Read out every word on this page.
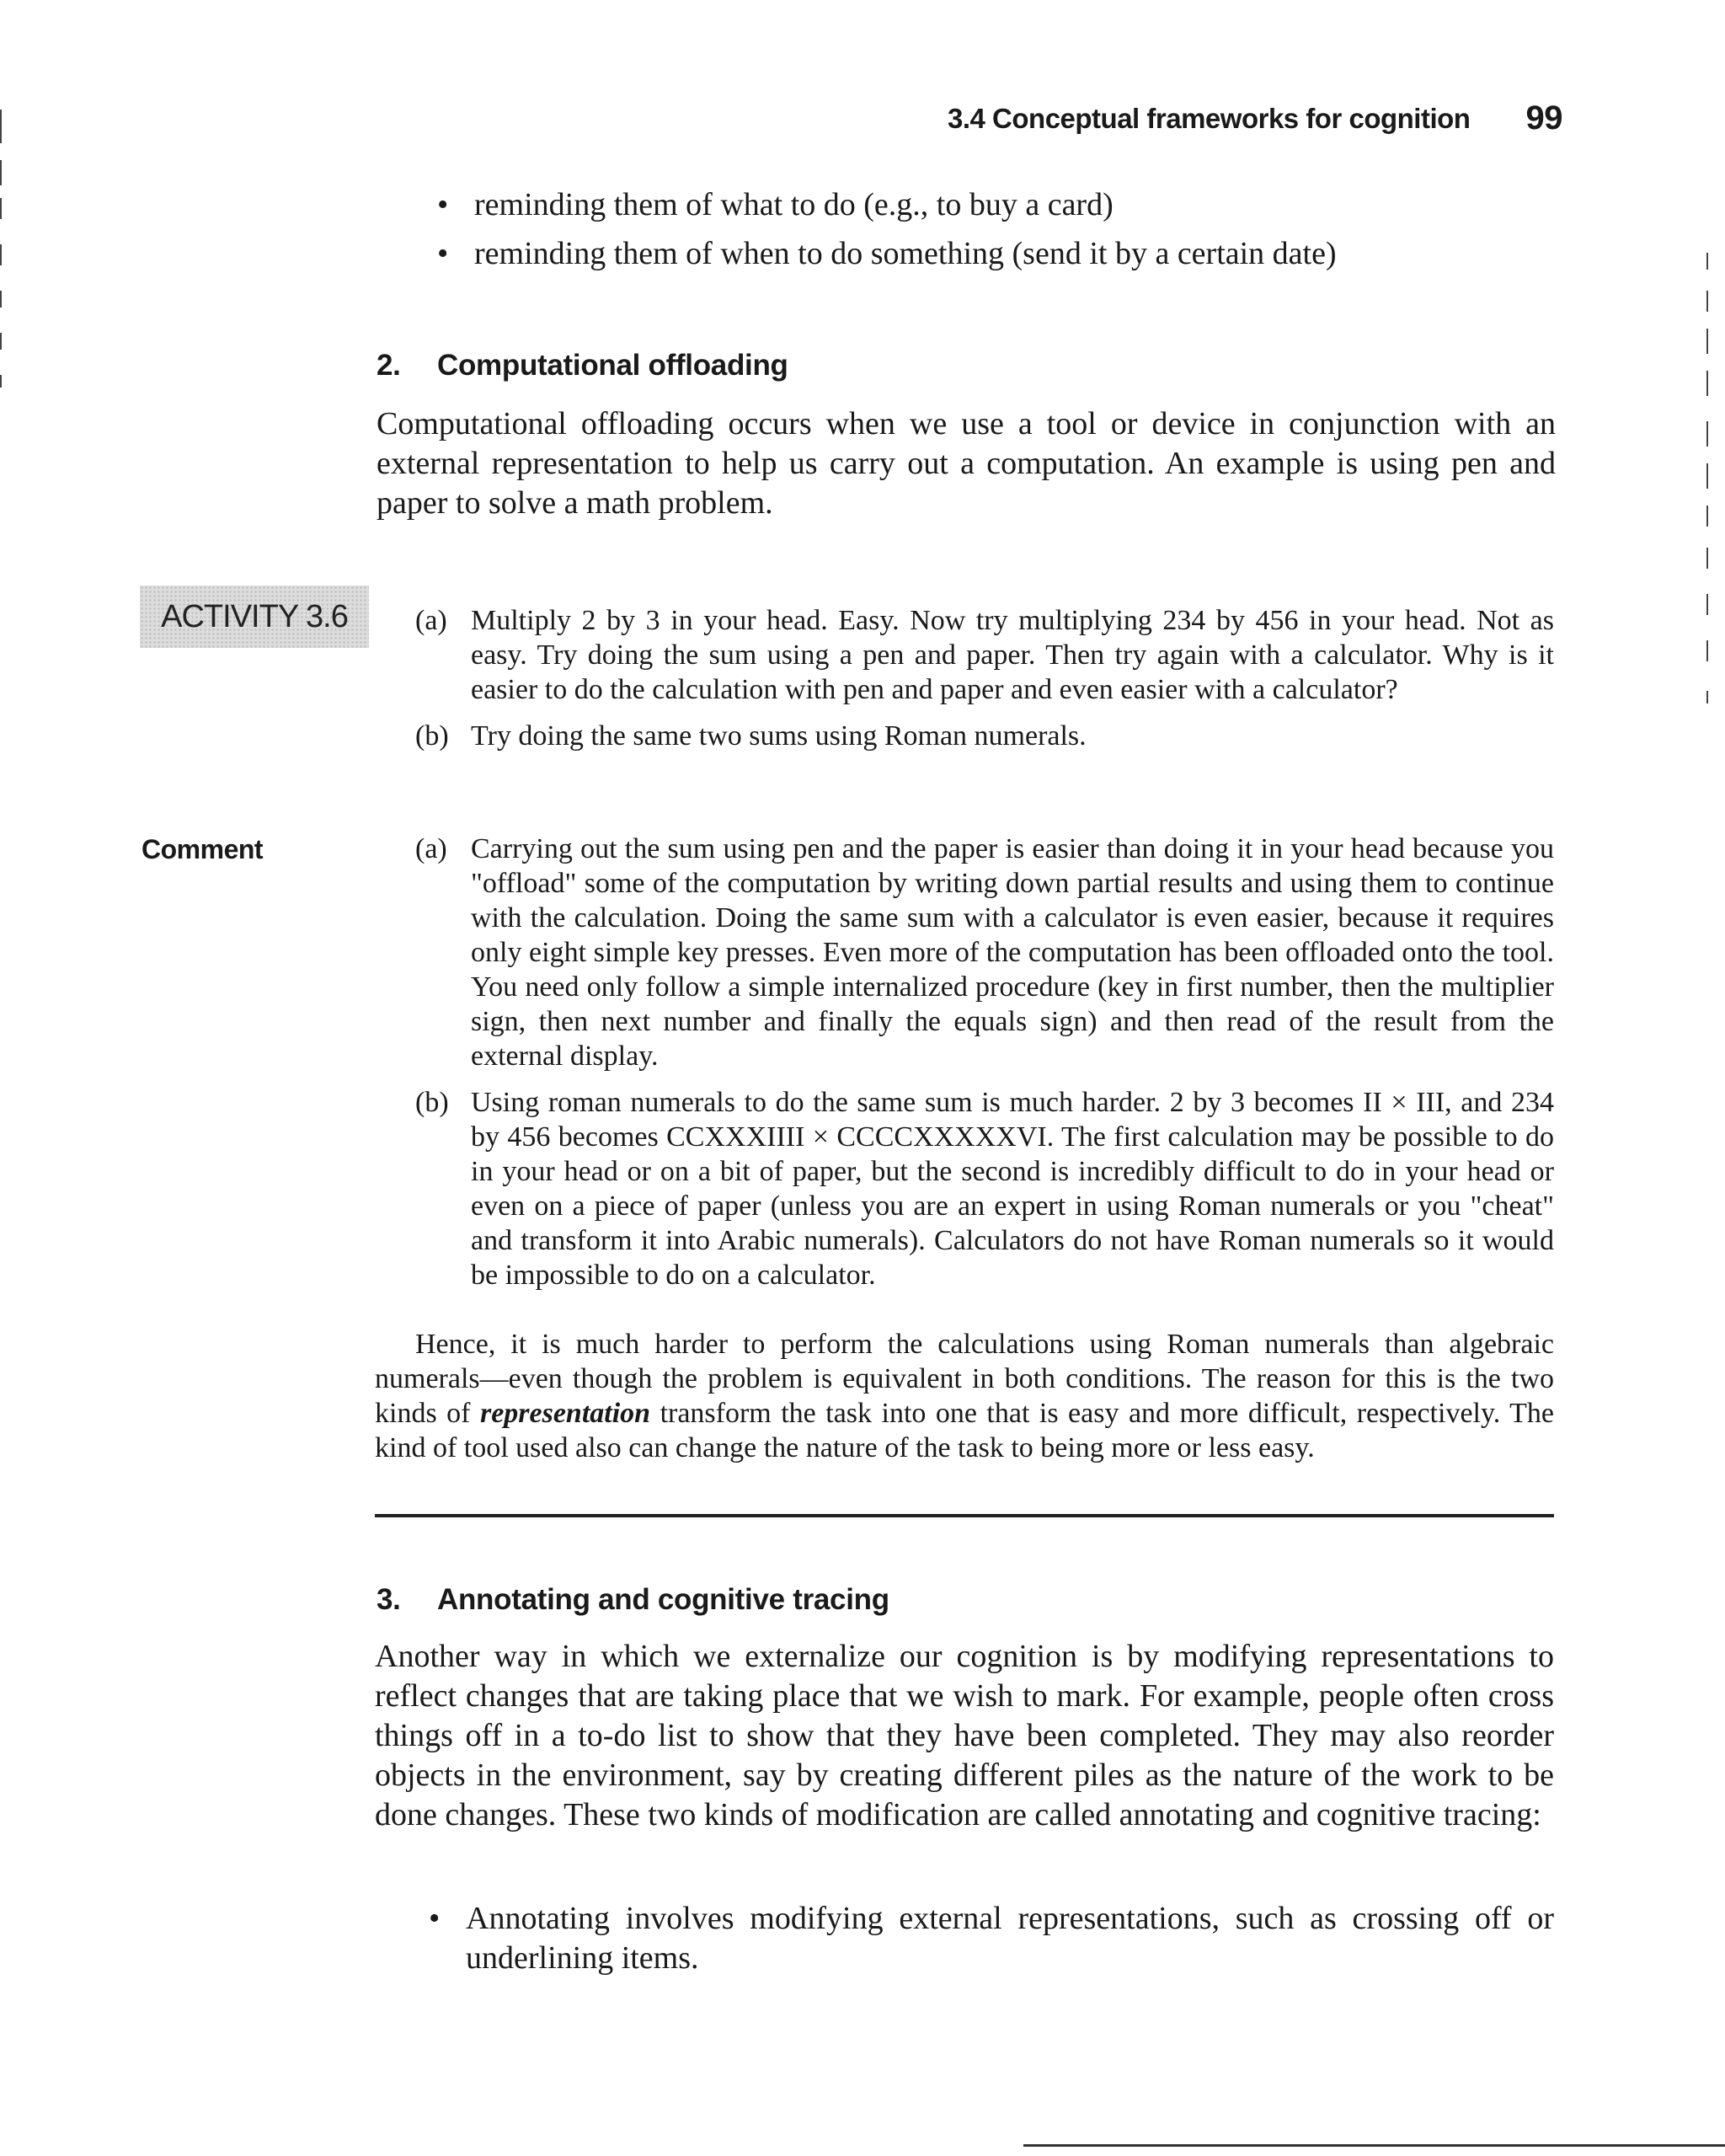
3.4 Conceptual frameworks for cognition 99
• reminding them of what to do (e.g., to buy a card)
• reminding them of when to do something (send it by a certain date)
2. Computational offloading
Computational offloading occurs when we use a tool or device in conjunction with an external representation to help us carry out a computation. An example is using pen and paper to solve a math problem.
ACTIVITY 3.6	(a) Multiply 2 by 3 in your head. Easy. Now try multiplying 234 by 456 in your head. Not as easy. Try doing the sum using a pen and paper. Then try again with a calculator. Why is it easier to do the calculation with pen and paper and even easier with a calculator?
(b) Try doing the same two sums using Roman numerals.
Comment	(a) Carrying out the sum using pen and the paper is easier than doing it in your head because you "offload" some of the computation by writing down partial results and using them to continue with the calculation. Doing the same sum with a calculator is even easier, because it requires only eight simple key presses. Even more of the computation has been offloaded onto the tool. You need only follow a simple internalized procedure (key in first number, then the multiplier sign, then next number and finally the equals sign) and then read of the result from the external display.
(b) Using roman numerals to do the same sum is much harder. 2 by 3 becomes II × III, and 234 by 456 becomes CCXXXIIII × CCCCXXXXXVI. The first calculation may be possible to do in your head or on a bit of paper, but the second is incredibly difficult to do in your head or even on a piece of paper (unless you are an expert in using Roman numerals or you "cheat" and transform it into Arabic numerals). Calculators do not have Roman numerals so it would be impossible to do on a calculator.
Hence, it is much harder to perform the calculations using Roman numerals than algebraic numerals—even though the problem is equivalent in both conditions. The reason for this is the two kinds of representation transform the task into one that is easy and more difficult, respectively. The kind of tool used also can change the nature of the task to being more or less easy.
3. Annotating and cognitive tracing
Another way in which we externalize our cognition is by modifying representations to reflect changes that are taking place that we wish to mark. For example, people often cross things off in a to-do list to show that they have been completed. They may also reorder objects in the environment, say by creating different piles as the nature of the work to be done changes. These two kinds of modification are called annotating and cognitive tracing:
• Annotating involves modifying external representations, such as crossing off or underlining items.
